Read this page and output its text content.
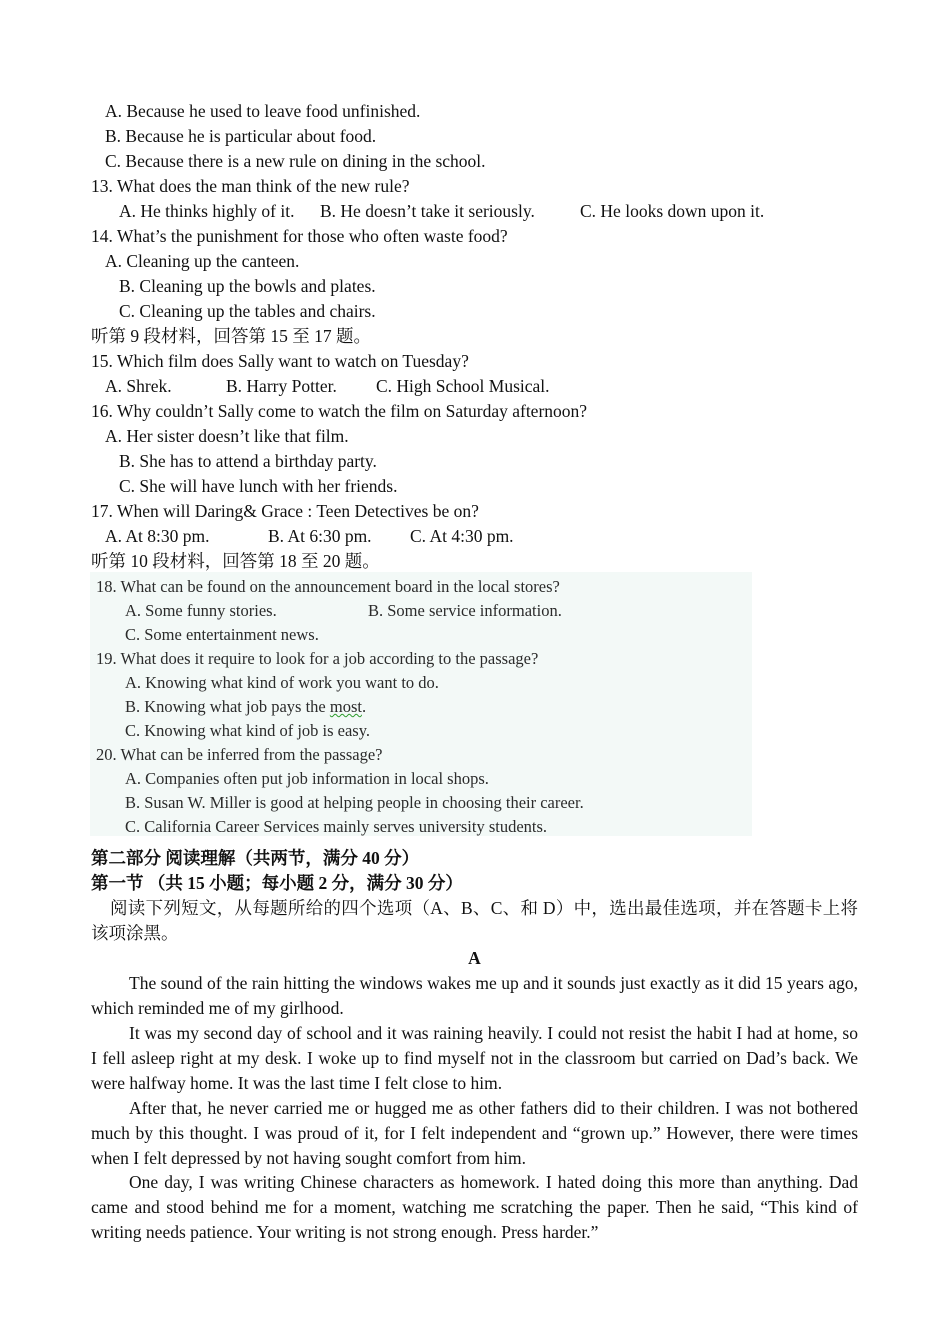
A. Because he used to leave food unfinished.
B. Because he is particular about food.
C. Because there is a new rule on dining in the school.
13. What does the man think of the new rule?
A. He thinks highly of it. B. He doesn’t take it seriously.	C. He looks down upon it.
14. What’s the punishment for those who often waste food?
A. Cleaning up the canteen.
B. Cleaning up the bowls and plates.
C. Cleaning up the tables and chairs.
听第 9 段材料，回答第 15 至 17 题。
15. Which film does Sally want to watch on Tuesday?
A. Shrek.	B. Harry Potter. C. High School Musical.
16. Why couldn’t Sally come to watch the film on Saturday afternoon?
A. Her sister doesn’t like that film.
B. She has to attend a birthday party.
C. She will have lunch with her friends.
17. When will Daring& Grace : Teen Detectives be on?
A. At 8:30 pm.	B. At 6:30 pm. C. At 4:30 pm.
听第 10 段材料，回答第 18 至 20 题。
18. What can be found on the announcement board in the local stores?
A. Some funny stories.	B. Some service information.
C. Some entertainment news.
19. What does it require to look for a job according to the passage?
A. Knowing what kind of work you want to do.
B. Knowing what job pays the most.
C. Knowing what kind of job is easy.
20. What can be inferred from the passage?
A. Companies often put job information in local shops.
B. Susan W. Miller is good at helping people in choosing their career.
C. California Career Services mainly serves university students.
第二部分 阅读理解（共两节，满分 40 分）
第一节 （共 15 小题；每小题 2 分，满分 30 分）
阅读下列短文，从每题所给的四个选项（A、B、C、和 D）中，选出最佳选项，并在答题卡上将该项涂黑。
A
The sound of the rain hitting the windows wakes me up and it sounds just exactly as it did 15 years ago, which reminded me of my girlhood.
It was my second day of school and it was raining heavily. I could not resist the habit I had at home, so I fell asleep right at my desk. I woke up to find myself not in the classroom but carried on Dad’s back. We were halfway home. It was the last time I felt close to him.
After that, he never carried me or hugged me as other fathers did to their children. I was not bothered much by this thought. I was proud of it, for I felt independent and “grown up.” However, there were times when I felt depressed by not having sought comfort from him.
One day, I was writing Chinese characters as homework. I hated doing this more than anything. Dad came and stood behind me for a moment, watching me scratching the paper. Then he said, “This kind of writing needs patience. Your writing is not strong enough. Press harder.”
